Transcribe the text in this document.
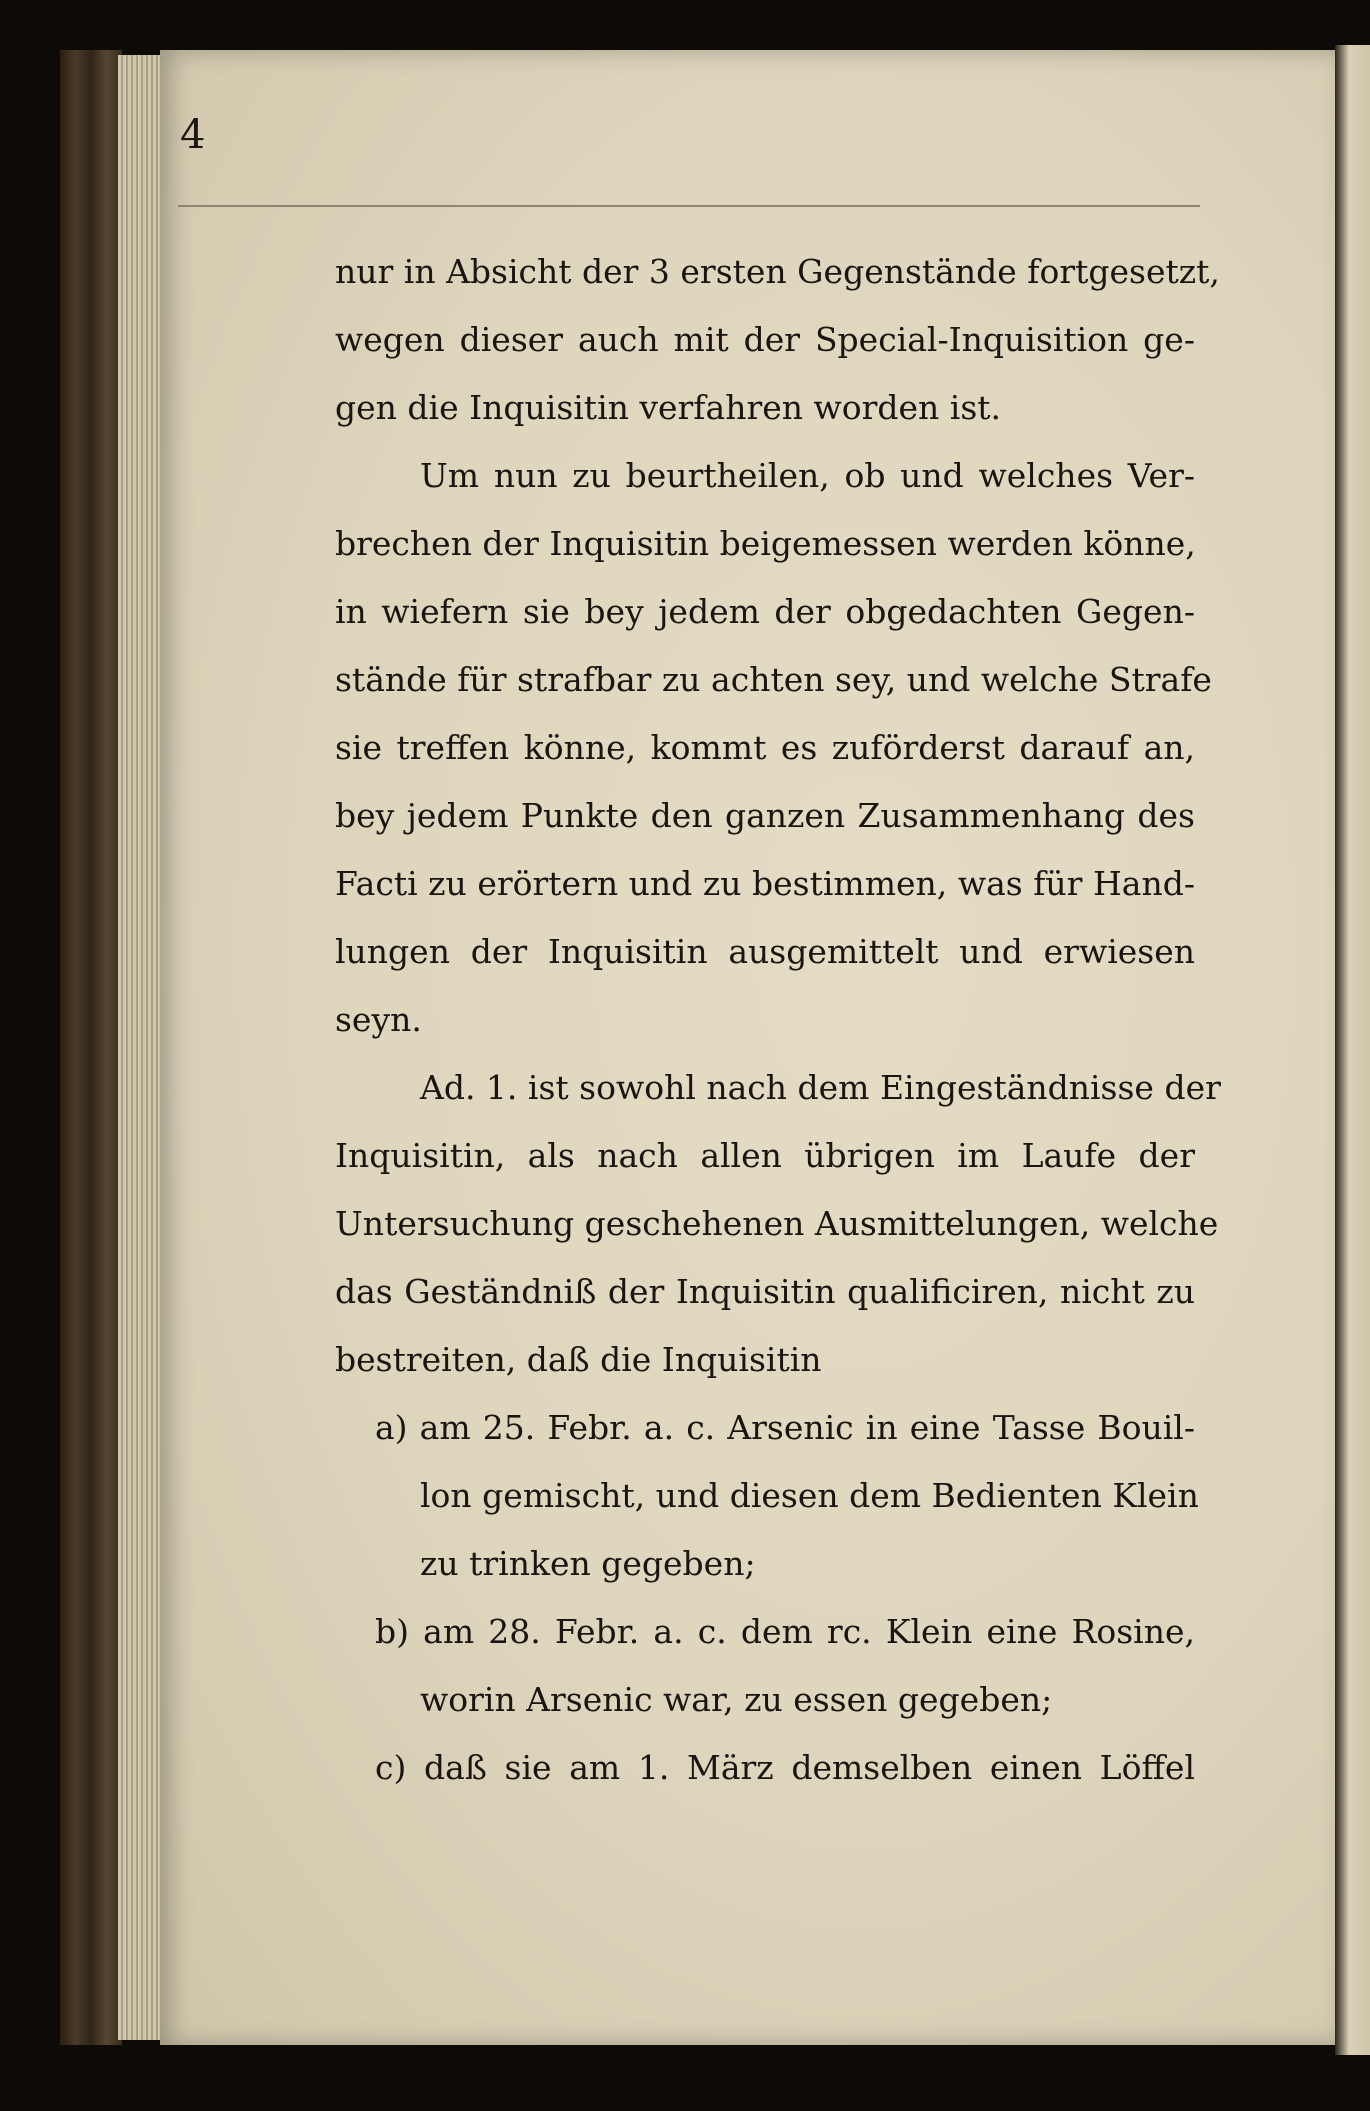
4
nur in Absicht der 3 ersten Gegenstände fortgesetzt,
wegen dieser auch mit der Special-Inquisition ge-
gen die Inquisitin verfahren worden ist.
Um nun zu beurtheilen, ob und welches Ver-
brechen der Inquisitin beigemessen werden könne,
in wiefern sie bey jedem der obgedachten Gegen-
stände für strafbar zu achten sey, und welche Strafe
sie treffen könne, kommt es zuförderst darauf an,
bey jedem Punkte den ganzen Zusammenhang des
Facti zu erörtern und zu bestimmen, was für Hand-
lungen der Inquisitin ausgemittelt und erwiesen
seyn.
Ad. 1. ist sowohl nach dem Eingeständnisse der
Inquisitin, als nach allen übrigen im Laufe der
Untersuchung geschehenen Ausmittelungen, welche
das Geständniß der Inquisitin qualificiren, nicht zu
bestreiten, daß die Inquisitin
a) am 25. Febr. a. c. Arsenic in eine Tasse Bouil-
lon gemischt, und diesen dem Bedienten Klein
zu trinken gegeben;
b) am 28. Febr. a. c. dem rc. Klein eine Rosine,
worin Arsenic war, zu essen gegeben;
c) daß sie am 1. März demselben einen Löffel
